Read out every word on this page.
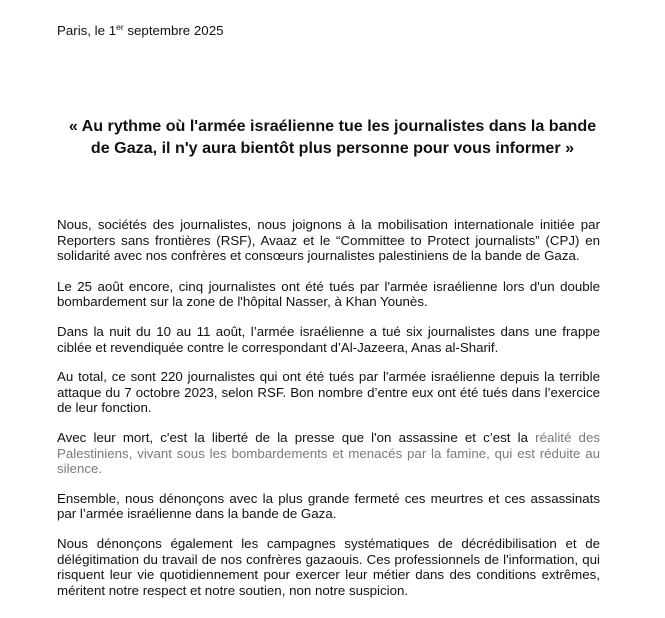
Paris, le 1er septembre 2025
« Au rythme où l'armée israélienne tue les journalistes dans la bande de Gaza, il n'y aura bientôt plus personne pour vous informer »

Nous, sociétés des journalistes, nous joignons à la mobilisation internationale initiée par Reporters sans frontières (RSF), Avaaz et le “Committee to Protect journalists” (CPJ) en solidarité avec nos confrères et consœurs journalistes palestiniens de la bande de Gaza.

Le 25 août encore, cinq journalistes ont été tués par l'armée israélienne lors d'un double bombardement sur la zone de l'hôpital Nasser, à Khan Younès.

Dans la nuit du 10 au 11 août, l’armée israélienne a tué six journalistes dans une frappe ciblée et revendiquée contre le correspondant d’Al-Jazeera, Anas al-Sharif.

Au total, ce sont 220 journalistes qui ont été tués par l'armée israélienne depuis la terrible attaque du 7 octobre 2023, selon RSF. Bon nombre d’entre eux ont été tués dans l’exercice de leur fonction.

Avec leur mort, c'est la liberté de la presse que l'on assassine et c’est la réalité des Palestiniens, vivant sous les bombardements et menacés par la famine, qui est réduite au silence.

Ensemble, nous dénonçons avec la plus grande fermeté ces meurtres et ces assassinats par l’armée israélienne dans la bande de Gaza.

Nous dénonçons également les campagnes systématiques de décrédibilisation et de délégitimation du travail de nos confrères gazaouis. Ces professionnels de l'information, qui risquent leur vie quotidiennement pour exercer leur métier dans des conditions extrêmes, méritent notre respect et notre soutien, non notre suspicion.
